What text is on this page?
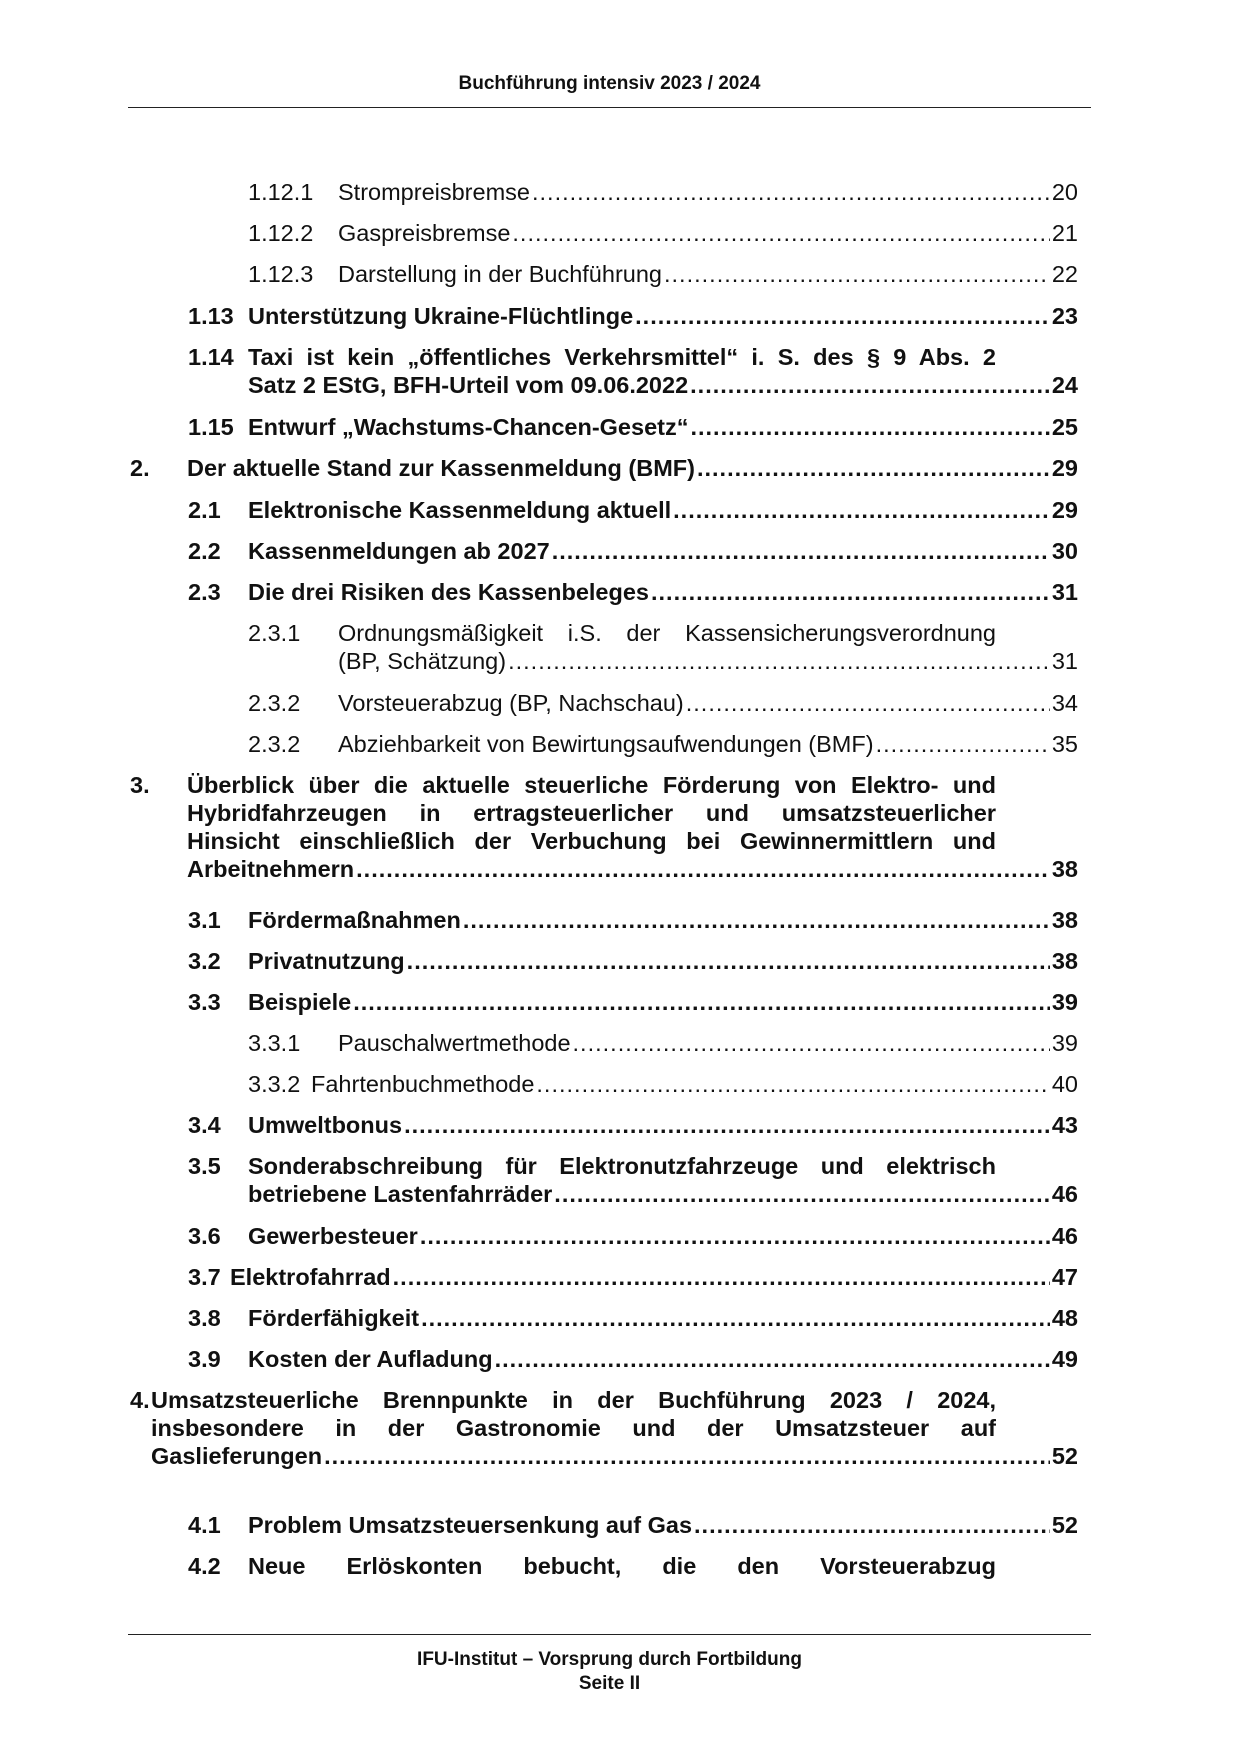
Buchführung intensiv 2023 / 2024
1.12.1	Strompreisbremse .....	20
1.12.2	Gaspreisbremse .....	21
1.12.3	Darstellung in der Buchführung .....	22
1.13 Unterstützung Ukraine-Flüchtlinge .....	23
1.14 Taxi ist kein „öffentliches Verkehrsmittel“ i. S. des § 9 Abs. 2
Satz 2 EStG, BFH-Urteil vom 09.06.2022 .....	24
1.15 Entwurf „Wachstums-Chancen-Gesetz“ .....	25
2.	Der aktuelle Stand zur Kassenmeldung (BMF) .....	29
2.1	Elektronische Kassenmeldung aktuell .....	29
2.2	Kassenmeldungen ab 2027 .....	30
2.3	Die drei Risiken des Kassenbeleges .....	31
2.3.1	Ordnungsmäßigkeit i.S. der Kassensicherungsverordnung
(BP, Schätzung) .....	31
2.3.2	Vorsteuerabzug (BP, Nachschau) .....	34
2.3.2	Abziehbarkeit von Bewirtungsaufwendungen (BMF) .....	35
3.	Überblick über die aktuelle steuerliche Förderung von Elektro- und
Hybridfahrzeugen in ertragsteuerlicher und umsatzsteuerlicher
Hinsicht einschließlich der Verbuchung bei Gewinnermittlern und
Arbeitnehmern .....	38
3.1	Fördermaßnahmen .....	38
3.2	Privatnutzung .....	38
3.3	Beispiele .....	39
3.3.1	Pauschalwertmethode .....	39
3.3.2 Fahrtenbuchmethode .....	40
3.4	Umweltbonus .....	43
3.5	Sonderabschreibung für Elektronutzfahrzeuge und elektrisch
betriebene Lastenfahrräder .....	46
3.6	Gewerbesteuer .....	46
3.7 Elektrofahrrad .....	47
3.8	Förderfähigkeit .....	48
3.9	Kosten der Aufladung .....	49
4. Umsatzsteuerliche Brennpunkte in der Buchführung 2023 / 2024,
insbesondere in der Gastronomie und der Umsatzsteuer auf
Gaslieferungen .....	52
4.1	Problem Umsatzsteuersenkung auf Gas .....	52
4.2	Neue Erlöskonten bebucht, die den Vorsteuerabzug
IFU-Institut – Vorsprung durch Fortbildung
Seite II
